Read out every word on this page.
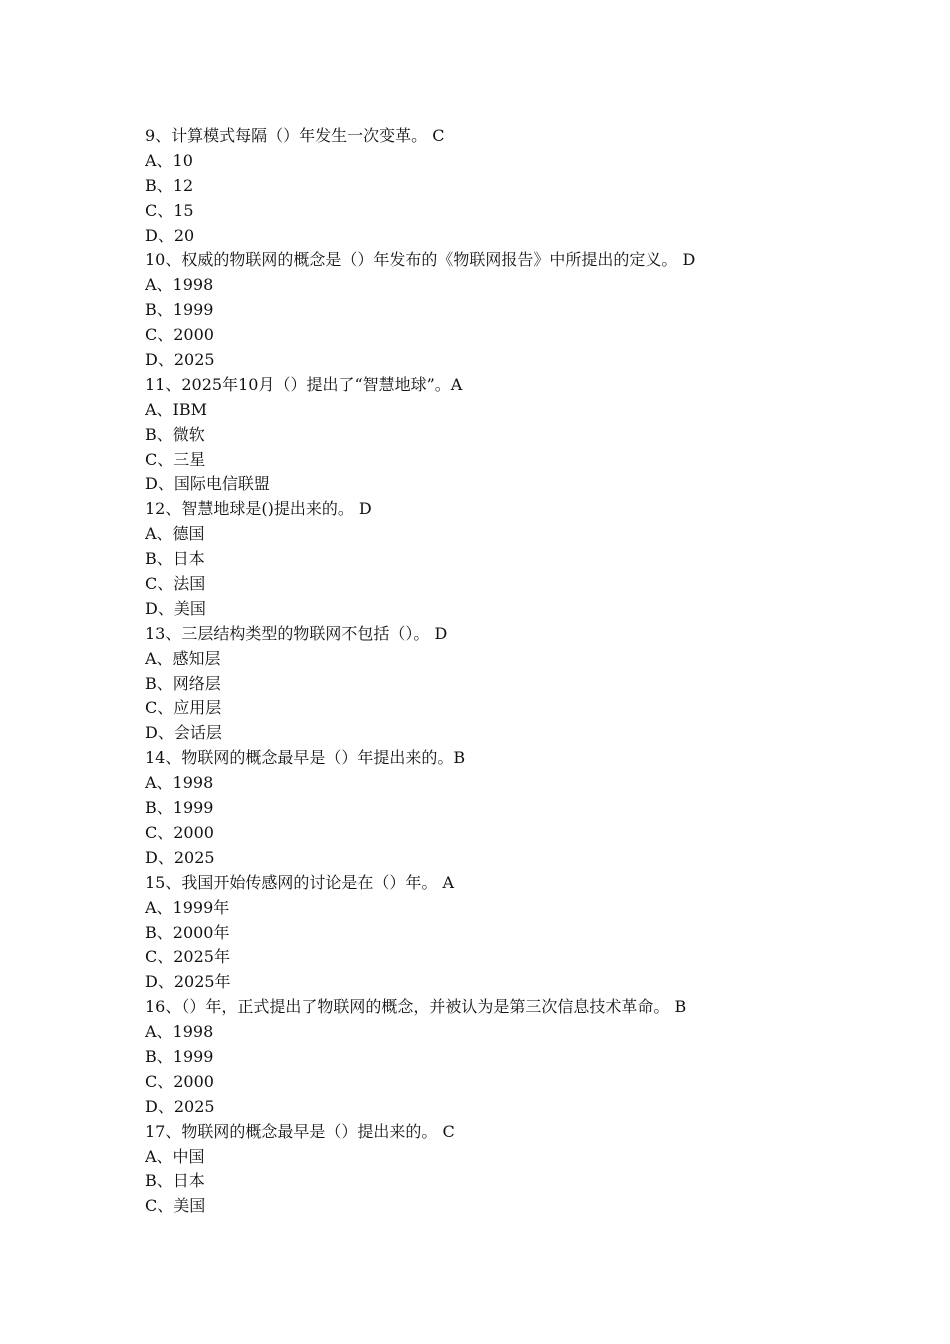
9、计算模式每隔（）年发生一次变革。 C
A、10
B、12
C、15
D、20
10、权威的物联网的概念是（）年发布的《物联网报告》中所提出的定义。 D
A、1998
B、1999
C、2000
D、2025
11、2025年10月（）提出了“智慧地球”。A
A、IBM
B、微软
C、三星
D、国际电信联盟
12、智慧地球是()提出来的。 D
A、德国
B、日本
C、法国
D、美国
13、三层结构类型的物联网不包括（）。 D
A、感知层
B、网络层
C、应用层
D、会话层
14、物联网的概念最早是（）年提出来的。B
A、1998
B、1999
C、2000
D、2025
15、我国开始传感网的讨论是在（）年。 A
A、1999年
B、2000年
C、2025年
D、2025年
16、（）年，正式提出了物联网的概念，并被认为是第三次信息技术革命。 B
A、1998
B、1999
C、2000
D、2025
17、物联网的概念最早是（）提出来的。 C
A、中国
B、日本
C、美国
